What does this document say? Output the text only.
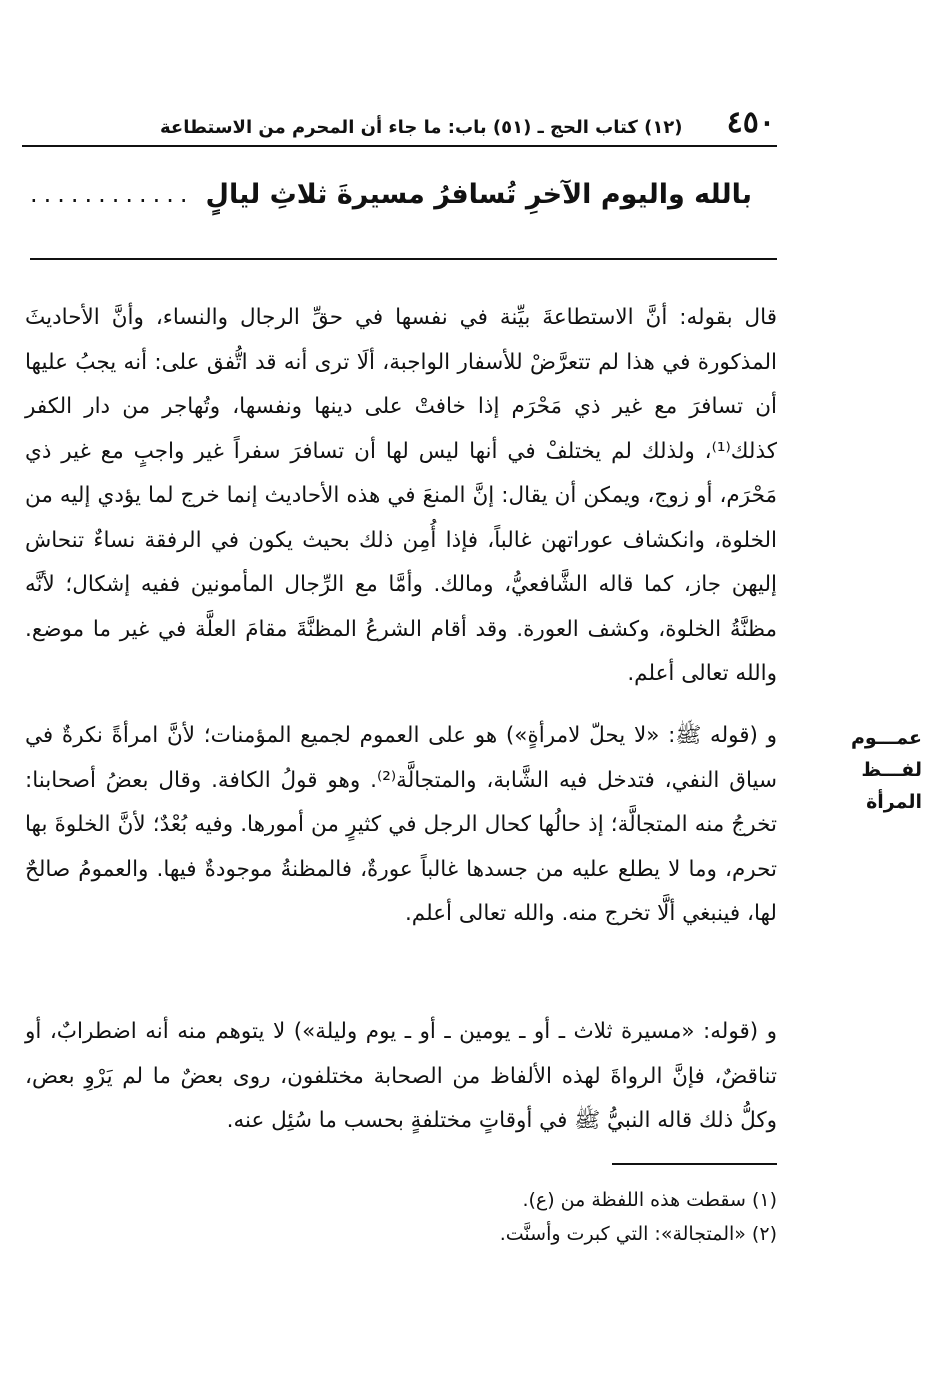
٤٥٠
(١٢) كتاب الحج ـ (٥١) باب: ما جاء أن المحرم من الاستطاعة
............ بالله واليوم الآخرِ تُسافرُ مسيرةَ ثلاثِ ليالٍ
قال بقوله: أنَّ الاستطاعةَ بيِّنة في نفسها في حقِّ الرجال والنساء، وأنَّ الأحاديثَ المذكورة في هذا لم تتعرَّضْ للأسفار الواجبة، ألَا ترى أنه قد اتُّفق على: أنه يجبُ عليها أن تسافرَ مع غير ذي مَحْرَم إذا خافتْ على دينها ونفسها، وتُهاجر من دار الكفر كذلك⁽¹⁾، ولذلك لم يختلفْ في أنها ليس لها أن تسافرَ سفراً غير واجبٍ مع غير ذي مَحْرَم، أو زوج، ويمكن أن يقال: إنَّ المنعَ في هذه الأحاديث إنما خرج لما يؤدي إليه من الخلوة، وانكشاف عوراتهن غالباً، فإذا أُمِن ذلك بحيث يكون في الرفقة نساءٌ تنحاش إليهن جاز، كما قاله الشَّافعيُّ، ومالك. وأمَّا مع الرِّجال المأمونين ففيه إشكال؛ لأنَّه مظنَّةُ الخلوة، وكشف العورة. وقد أقام الشرعُ المظنَّةَ مقامَ العلَّة في غير ما موضع. والله تعالى أعلم.
عمـــوم لفـــظ
المرأة
و (قوله ﷺ: «لا يحلّ لامرأةٍ») هو على العموم لجميع المؤمنات؛ لأنَّ امرأةً نكرةٌ في سياق النفي، فتدخل فيه الشَّابة، والمتجالَّة⁽²⁾. وهو قولُ الكافة. وقال بعضُ أصحابنا: تخرجُ منه المتجالَّة؛ إذ حالُها كحال الرجل في كثيرٍ من أمورها. وفيه بُعْدٌ؛ لأنَّ الخلوةَ بها تحرم، وما لا يطلع عليه من جسدها غالباً عورةٌ، فالمظنةُ موجودةٌ فيها. والعمومُ صالحٌ لها، فينبغي ألَّا تخرج منه. والله تعالى أعلم.
و (قوله: «مسيرة ثلاث ـ أو ـ يومين ـ أو ـ يوم وليلة») لا يتوهم منه أنه اضطرابٌ، أو تناقضٌ، فإنَّ الرواةَ لهذه الألفاظ من الصحابة مختلفون، روى بعضٌ ما لم يَرْوِ بعض، وكلُّ ذلك قاله النبيُّ ﷺ في أوقاتٍ مختلفةٍ بحسب ما سُئِل عنه.
(١) سقطت هذه اللفظة من (ع).
(٢) «المتجالة»: التي كبرت وأسنَّت.
